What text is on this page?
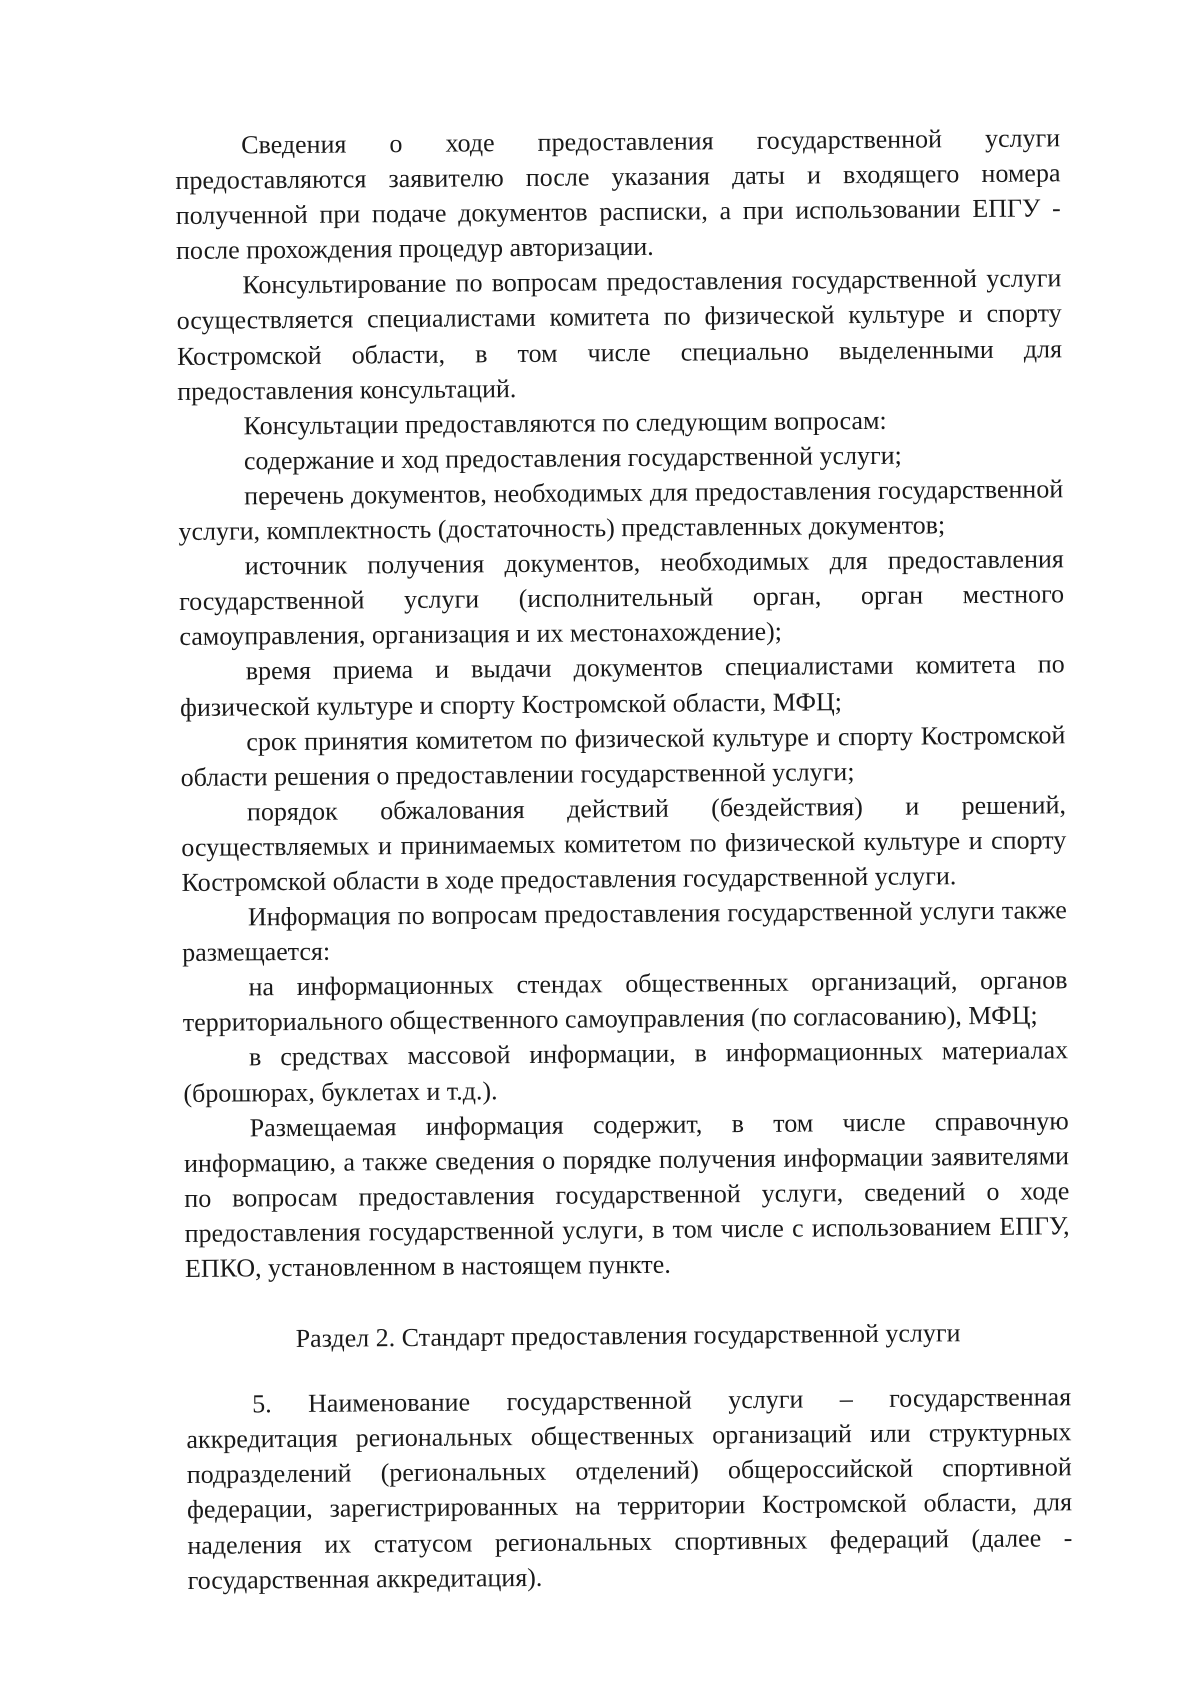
Сведения о ходе предоставления государственной услуги предоставляются заявителю после указания даты и входящего номера полученной при подаче документов расписки, а при использовании ЕПГУ - после прохождения процедур авторизации.

Консультирование по вопросам предоставления государственной услуги осуществляется специалистами комитета по физической культуре и спорту Костромской области, в том числе специально выделенными для предоставления консультаций.

Консультации предоставляются по следующим вопросам:

содержание и ход предоставления государственной услуги;

перечень документов, необходимых для предоставления государственной услуги, комплектность (достаточность) представленных документов;

источник получения документов, необходимых для предоставления государственной услуги (исполнительный орган, орган местного самоуправления, организация и их местонахождение);

время приема и выдачи документов специалистами комитета по физической культуре и спорту Костромской области, МФЦ;

срок принятия комитетом по физической культуре и спорту Костромской области решения о предоставлении государственной услуги;

порядок обжалования действий (бездействия) и решений, осуществляемых и принимаемых комитетом по физической культуре и спорту Костромской области в ходе предоставления государственной услуги.

Информация по вопросам предоставления государственной услуги также размещается:

на информационных стендах общественных организаций, органов территориального общественного самоуправления (по согласованию), МФЦ;

в средствах массовой информации, в информационных материалах (брошюрах, буклетах и т.д.).

Размещаемая информация содержит, в том числе справочную информацию, а также сведения о порядке получения информации заявителями по вопросам предоставления государственной услуги, сведений о ходе предоставления государственной услуги, в том числе с использованием ЕПГУ, ЕПКО, установленном в настоящем пункте.

Раздел 2. Стандарт предоставления государственной услуги

5. Наименование государственной услуги – государственная аккредитация региональных общественных организаций или структурных подразделений (региональных отделений) общероссийской спортивной федерации, зарегистрированных на территории Костромской области, для наделения их статусом региональных спортивных федераций (далее - государственная аккредитация).
